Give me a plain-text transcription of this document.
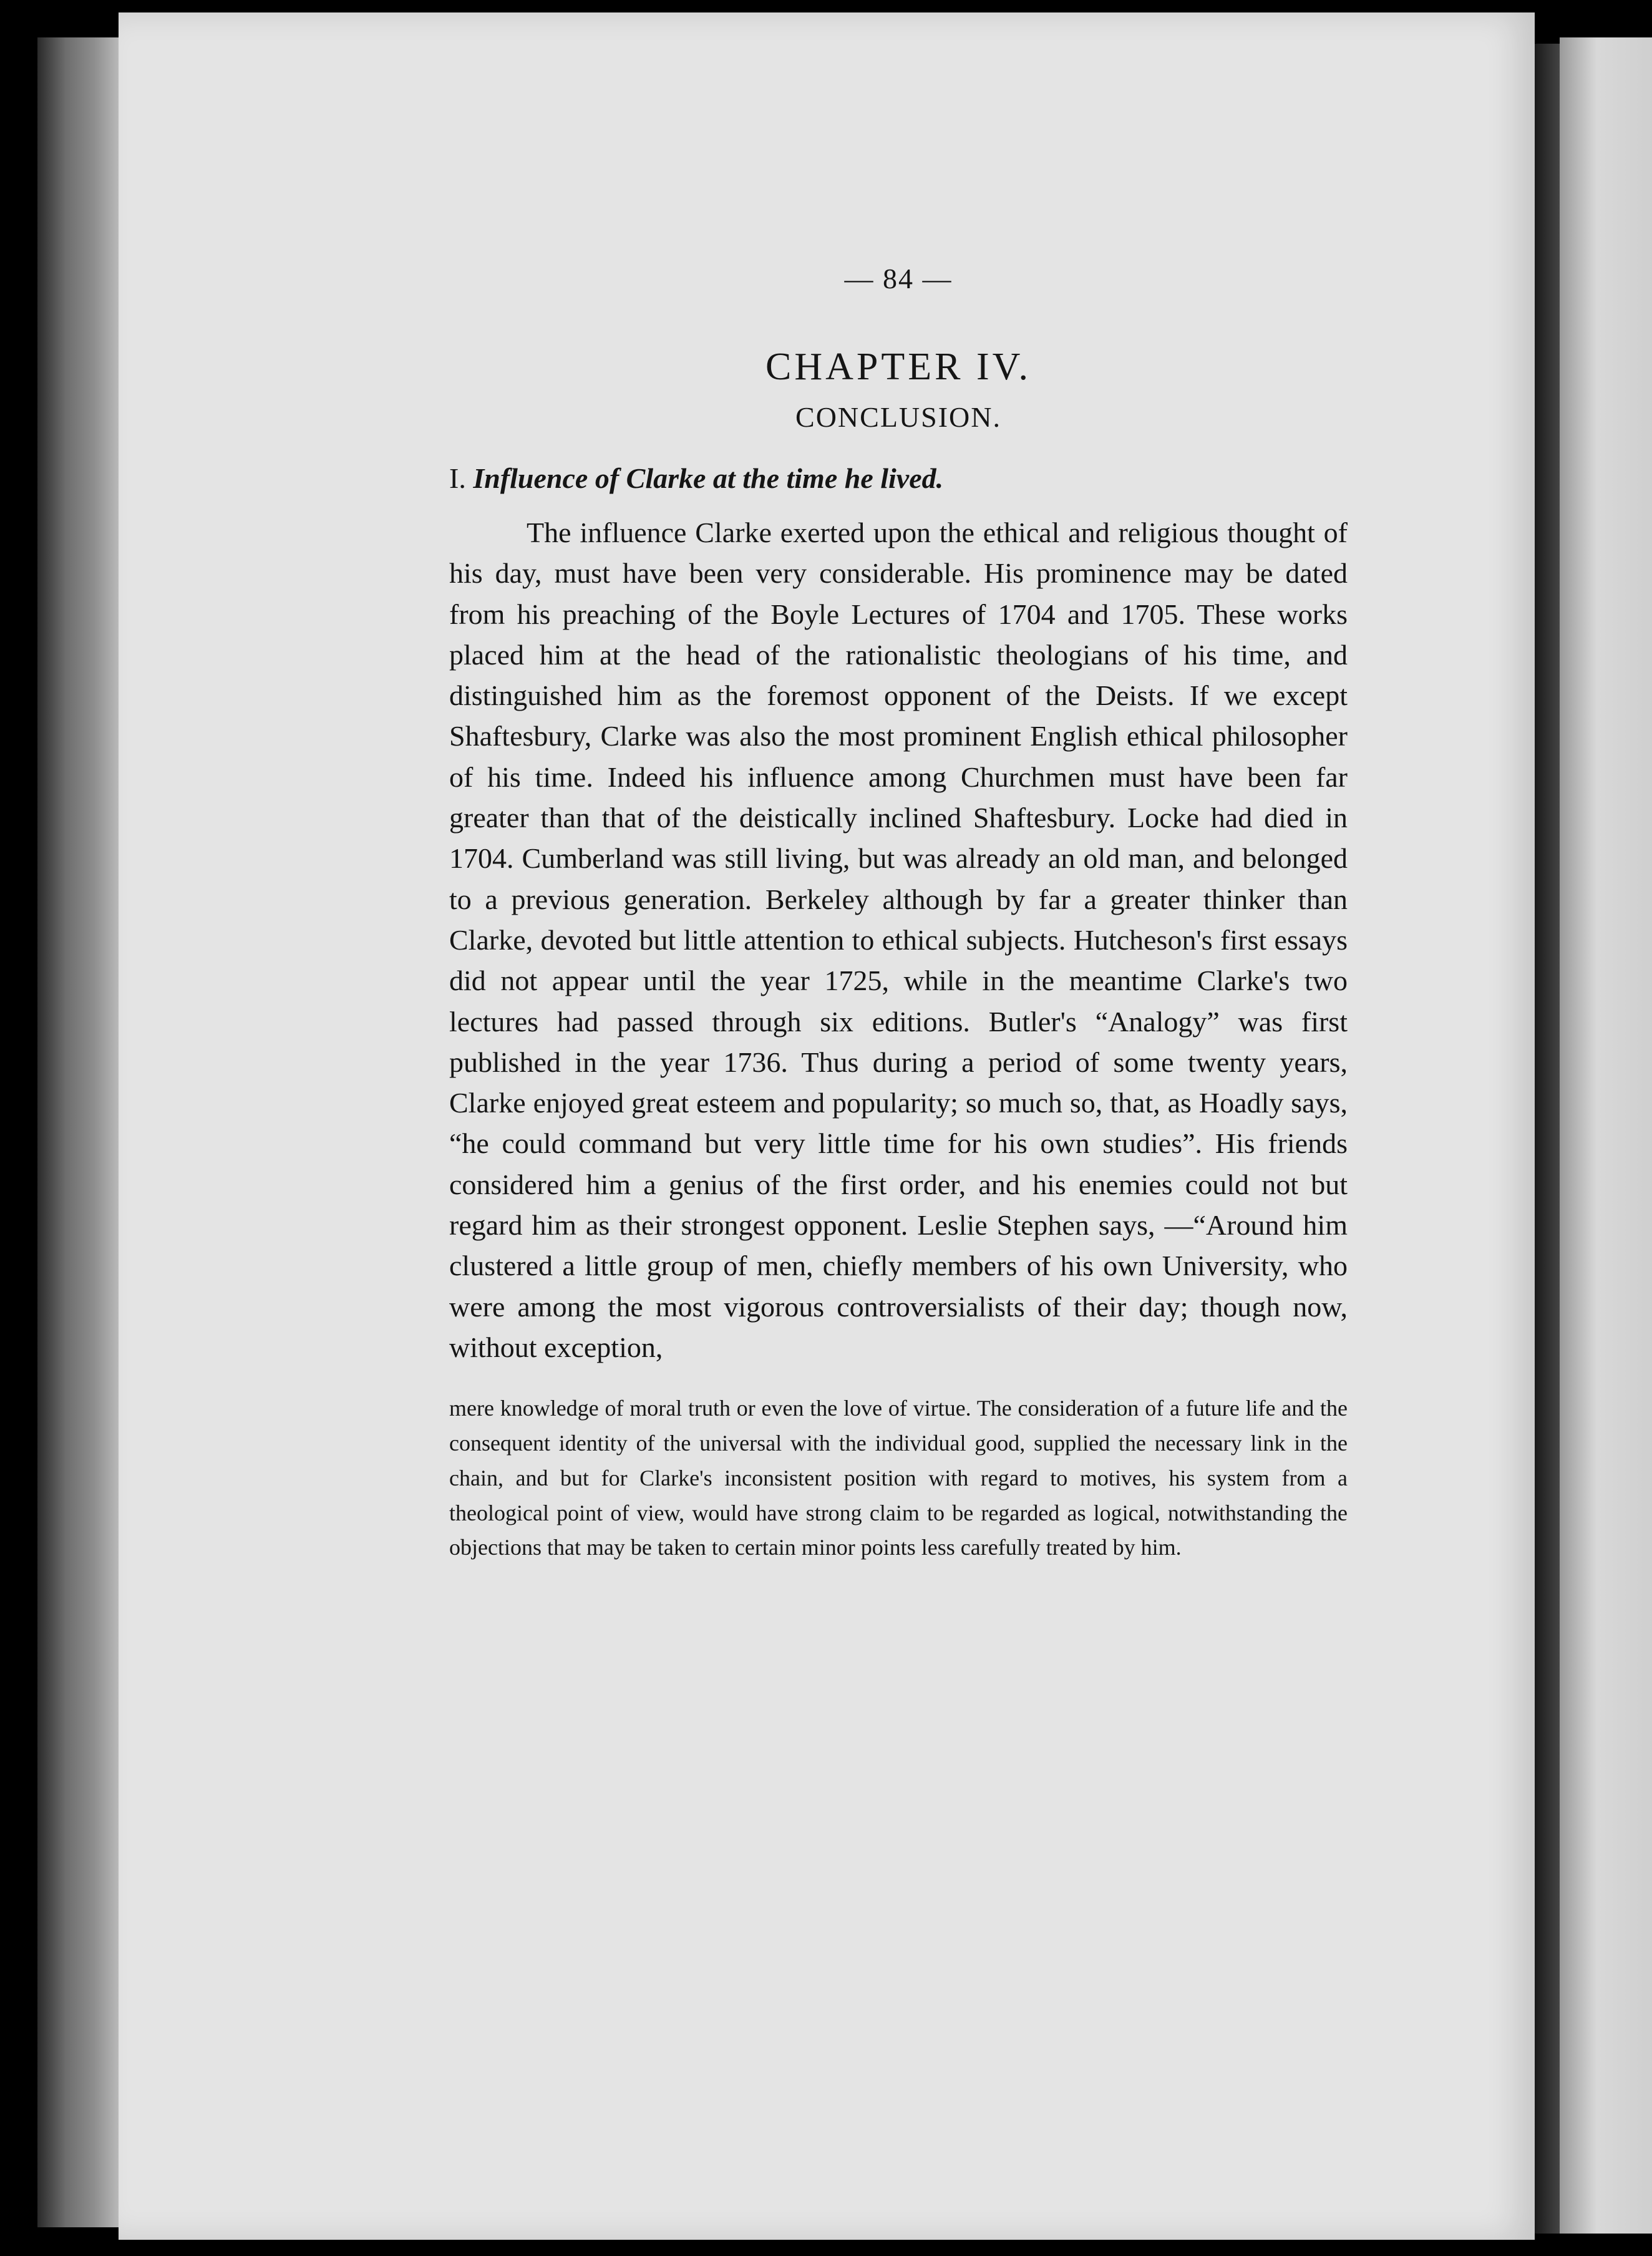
— 84 —
CHAPTER IV.
CONCLUSION.
I. Influence of Clarke at the time he lived.

The influence Clarke exerted upon the ethical and religious thought of his day, must have been very considerable. His prominence may be dated from his preaching of the Boyle Lectures of 1704 and 1705. These works placed him at the head of the rationalistic theologians of his time, and distinguished him as the foremost opponent of the Deists. If we except Shaftesbury, Clarke was also the most prominent English ethical philosopher of his time. Indeed his influence among Churchmen must have been far greater than that of the deistically inclined Shaftesbury. Locke had died in 1704. Cumberland was still living, but was already an old man, and belonged to a previous generation. Berkeley although by far a greater thinker than Clarke, devoted but little attention to ethical subjects. Hutcheson's first essays did not appear until the year 1725, while in the meantime Clarke's two lectures had passed through six editions. Butler's “Analogy” was first published in the year 1736. Thus during a period of some twenty years, Clarke enjoyed great esteem and popularity; so much so, that, as Hoadly says, “he could command but very little time for his own studies”. His friends considered him a genius of the first order, and his enemies could not but regard him as their strongest opponent. Leslie Stephen says, —“Around him clustered a little group of men, chiefly members of his own University, who were among the most vigorous controversialists of their day; though now, without exception,

mere knowledge of moral truth or even the love of virtue. The consideration of a future life and the consequent identity of the universal with the individual good, supplied the necessary link in the chain, and but for Clarke's inconsistent position with regard to motives, his system from a theological point of view, would have strong claim to be regarded as logical, notwithstanding the objections that may be taken to certain minor points less carefully treated by him.
